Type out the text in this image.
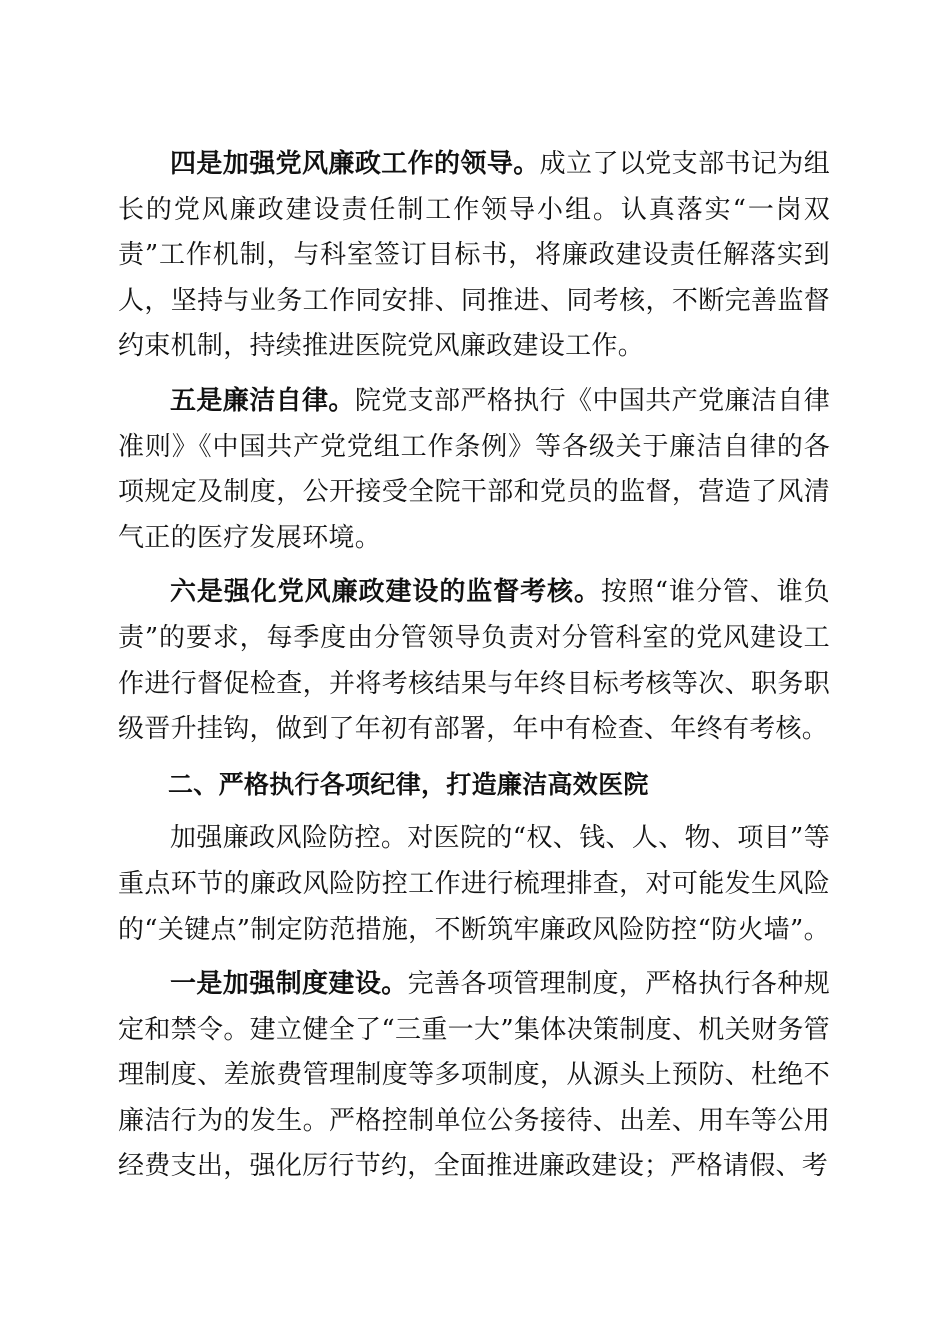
四是加强党风廉政工作的领导。成立了以党支部书记为组长的党风廉政建设责任制工作领导小组。认真落实“一岗双责”工作机制，与科室签订目标书，将廉政建设责任解落实到人，坚持与业务工作同安排、同推进、同考核，不断完善监督约束机制，持续推进医院党风廉政建设工作。

五是廉洁自律。院党支部严格执行《中国共产党廉洁自律准则》《中国共产党党组工作条例》等各级关于廉洁自律的各项规定及制度，公开接受全院干部和党员的监督，营造了风清气正的医疗发展环境。

六是强化党风廉政建设的监督考核。按照“谁分管、谁负责”的要求，每季度由分管领导负责对分管科室的党风建设工作进行督促检查，并将考核结果与年终目标考核等次、职务职级晋升挂钩，做到了年初有部署，年中有检查、年终有考核。

二、严格执行各项纪律，打造廉洁高效医院

加强廉政风险防控。对医院的“权、钱、人、物、项目”等重点环节的廉政风险防控工作进行梳理排查，对可能发生风险的“关键点”制定防范措施，不断筑牢廉政风险防控“防火墙”。

一是加强制度建设。完善各项管理制度，严格执行各种规定和禁令。建立健全了“三重一大”集体决策制度、机关财务管理制度、差旅费管理制度等多项制度，从源头上预防、杜绝不廉洁行为的发生。严格控制单位公务接待、出差、用车等公用经费支出，强化厉行节约，全面推进廉政建设；严格请假、考
